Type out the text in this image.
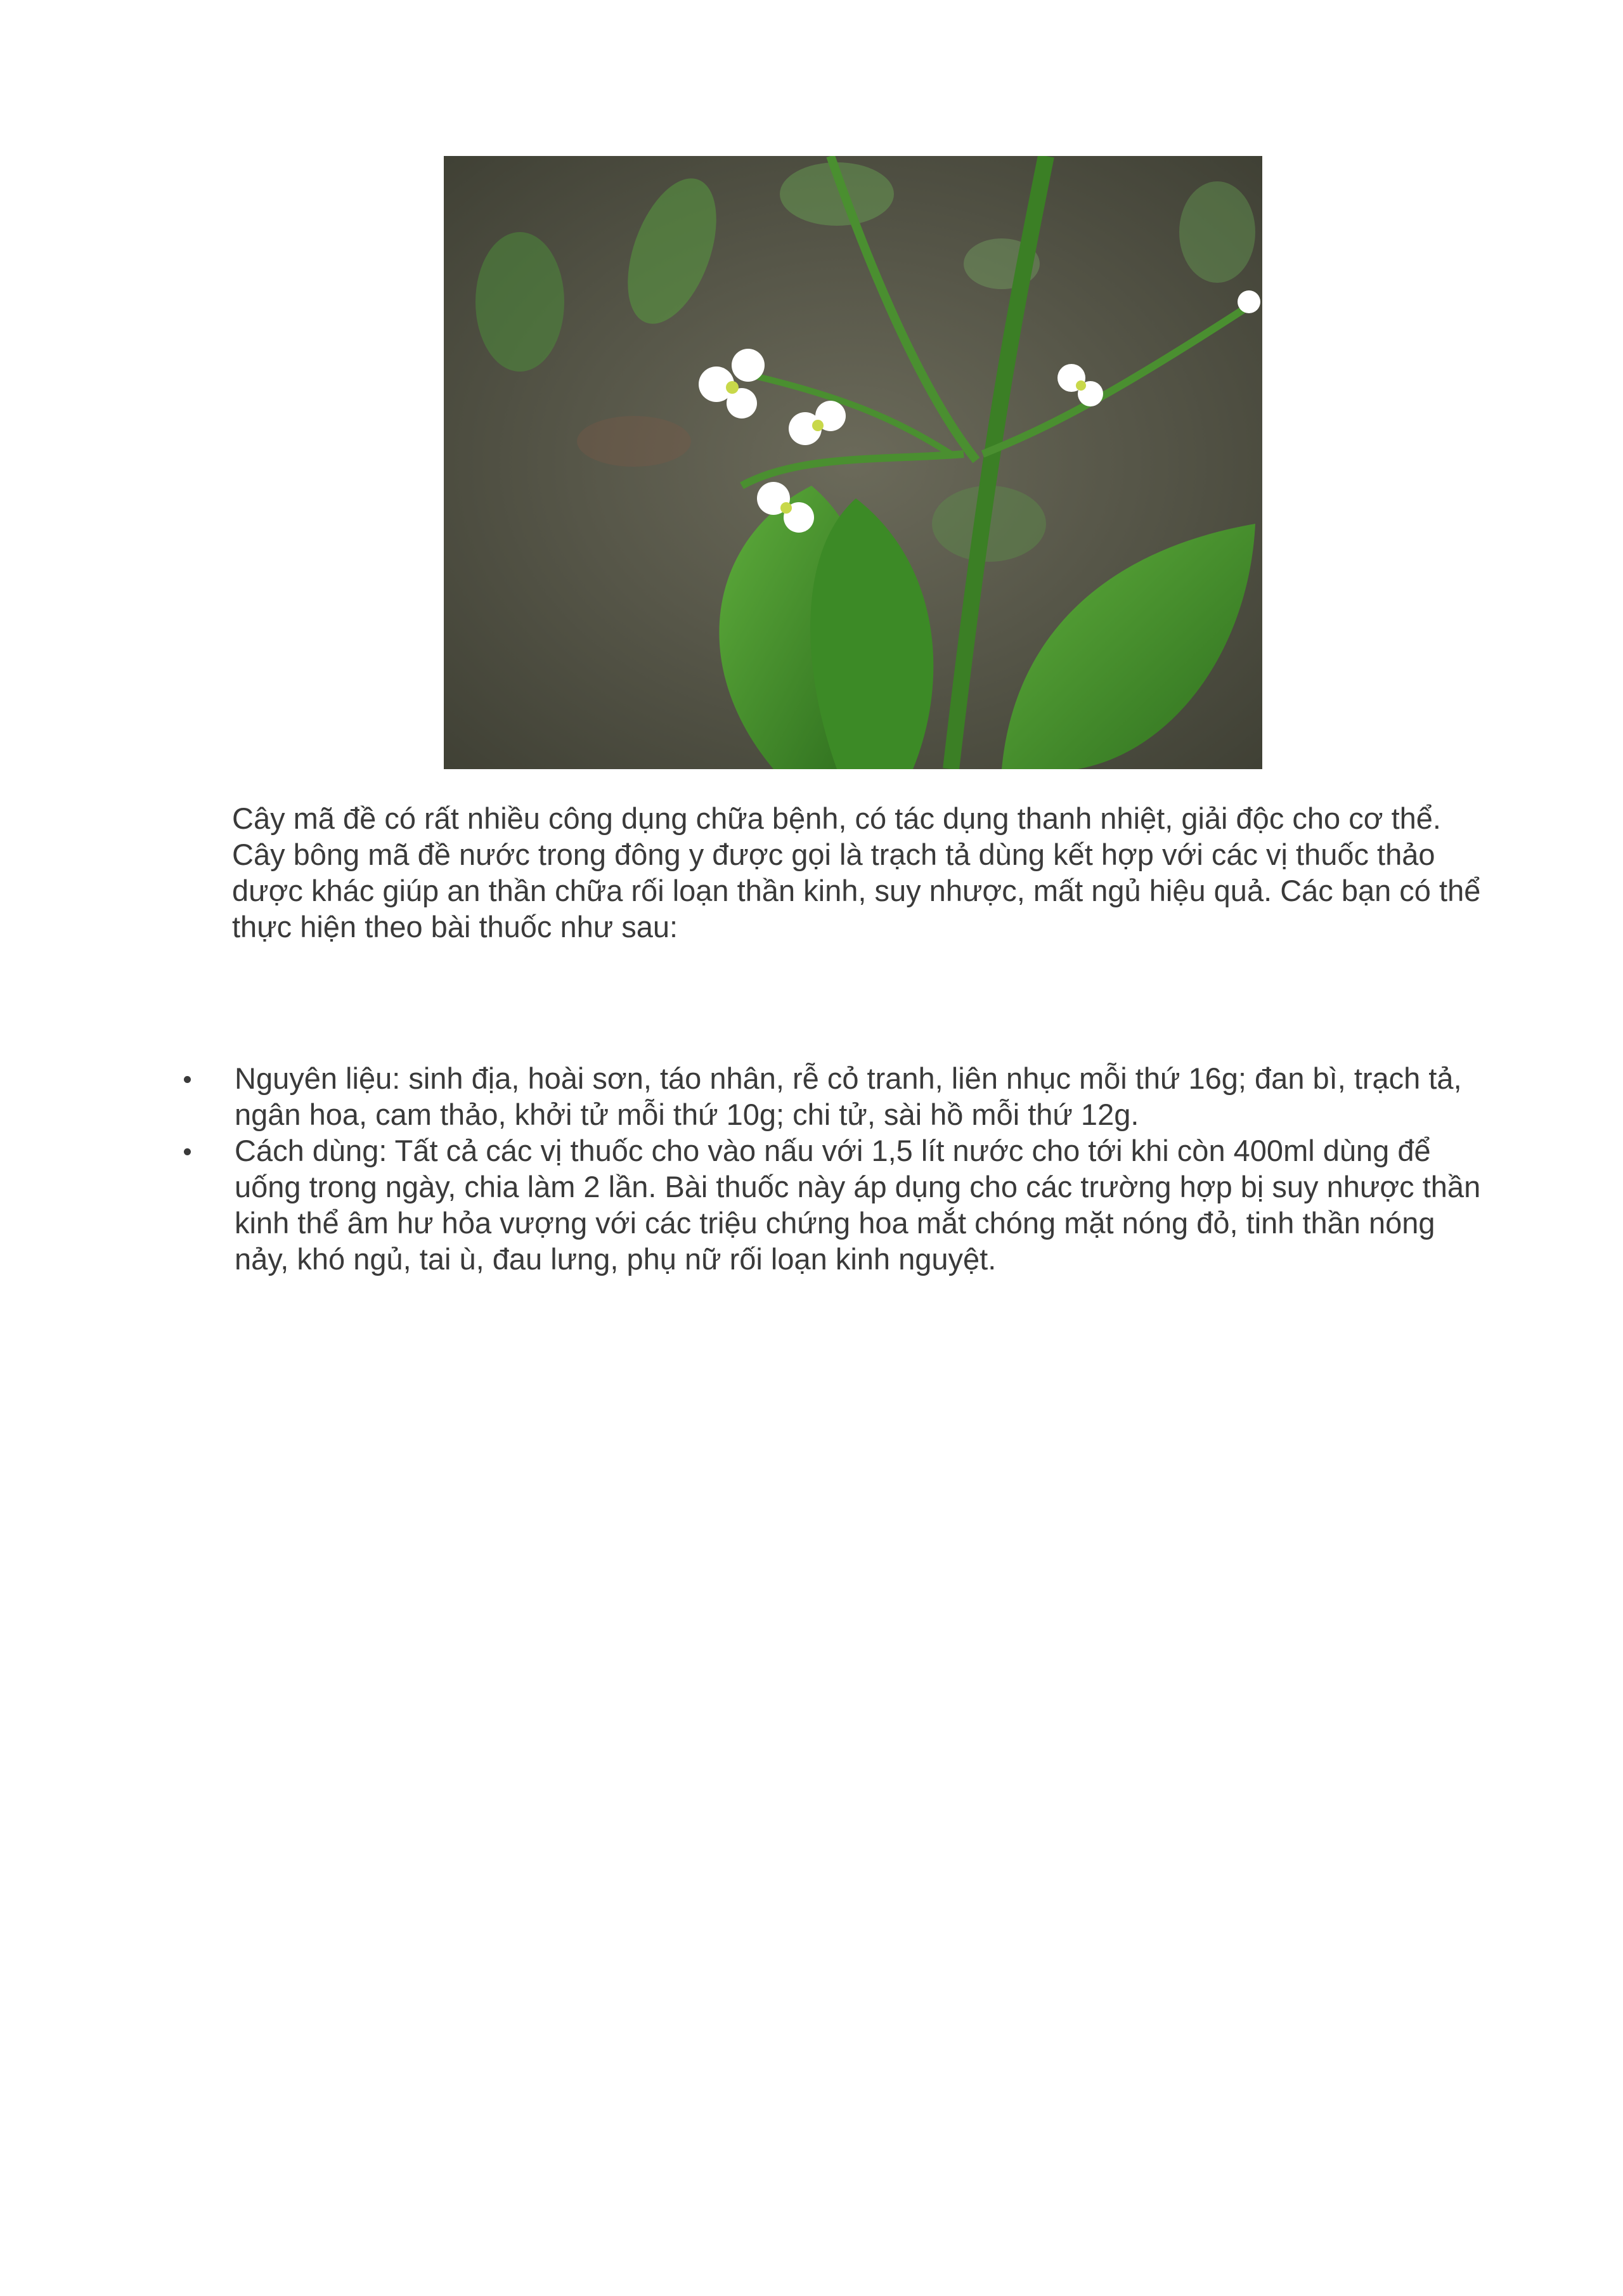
Cây mã đề có rất nhiều công dụng chữa bệnh, có tác dụng thanh nhiệt, giải độc cho cơ thể. Cây bông mã đề nước trong đông y được gọi là trạch tả dùng kết hợp với các vị thuốc thảo dược khác giúp an thần chữa rối loạn thần kinh, suy nhược, mất ngủ hiệu quả. Các bạn có thể thực hiện theo bài thuốc như sau:

Nguyên liệu: sinh địa, hoài sơn, táo nhân, rễ cỏ tranh, liên nhục mỗi thứ 16g; đan bì, trạch tả, ngân hoa, cam thảo, khởi tử mỗi thứ 10g; chi tử, sài hồ mỗi thứ 12g.
Cách dùng: Tất cả các vị thuốc cho vào nấu với 1,5 lít nước cho tới khi còn 400ml dùng để uống trong ngày, chia làm 2 lần. Bài thuốc này áp dụng cho các trường hợp bị suy nhược thần kinh thể âm hư hỏa vượng với các triệu chứng hoa mắt chóng mặt nóng đỏ, tinh thần nóng nảy, khó ngủ, tai ù, đau lưng, phụ nữ rối loạn kinh nguyệt.
